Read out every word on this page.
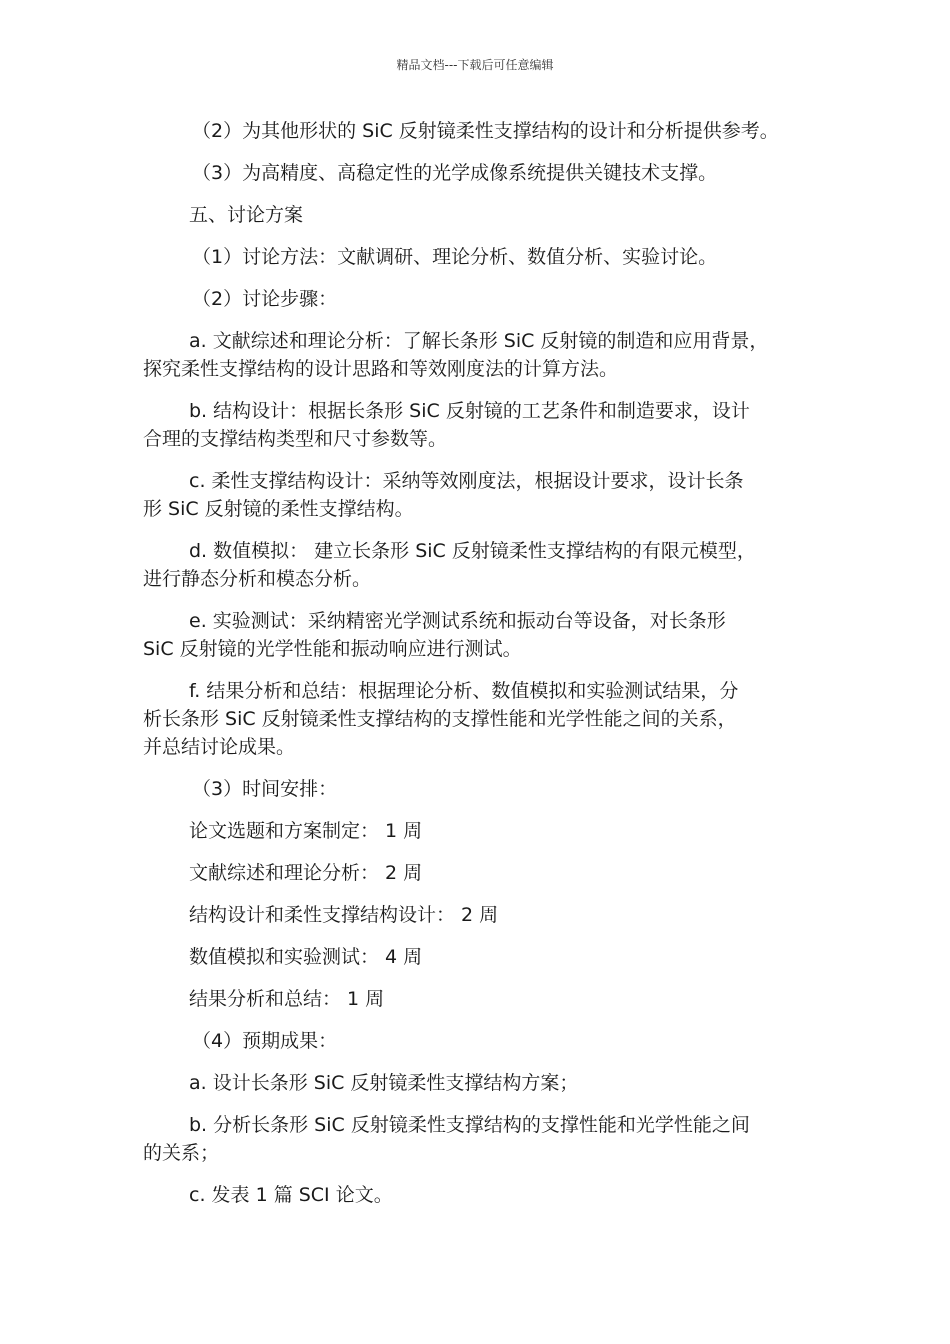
精品文档---下载后可任意编辑
（2）为其他形状的 SiC 反射镜柔性支撑结构的设计和分析提供参考。
（3）为高精度、高稳定性的光学成像系统提供关键技术支撑。
五、讨论方案
（1）讨论方法：文献调研、理论分析、数值分析、实验讨论。
（2）讨论步骤：
a. 文献综述和理论分析：了解长条形 SiC 反射镜的制造和应用背景，
探究柔性支撑结构的设计思路和等效刚度法的计算方法。
b. 结构设计：根据长条形 SiC 反射镜的工艺条件和制造要求，设计
合理的支撑结构类型和尺寸参数等。
c. 柔性支撑结构设计：采纳等效刚度法，根据设计要求，设计长条
形 SiC 反射镜的柔性支撑结构。
d. 数值模拟： 建立长条形 SiC 反射镜柔性支撑结构的有限元模型，
进行静态分析和模态分析。
e. 实验测试：采纳精密光学测试系统和振动台等设备，对长条形
SiC 反射镜的光学性能和振动响应进行测试。
f. 结果分析和总结：根据理论分析、数值模拟和实验测试结果，分
析长条形 SiC 反射镜柔性支撑结构的支撑性能和光学性能之间的关系，
并总结讨论成果。
（3）时间安排：
论文选题和方案制定： 1 周
文献综述和理论分析： 2 周
结构设计和柔性支撑结构设计： 2 周
数值模拟和实验测试： 4 周
结果分析和总结： 1 周
（4）预期成果：
a. 设计长条形 SiC 反射镜柔性支撑结构方案；
b. 分析长条形 SiC 反射镜柔性支撑结构的支撑性能和光学性能之间
的关系；
c. 发表 1 篇 SCI 论文。
